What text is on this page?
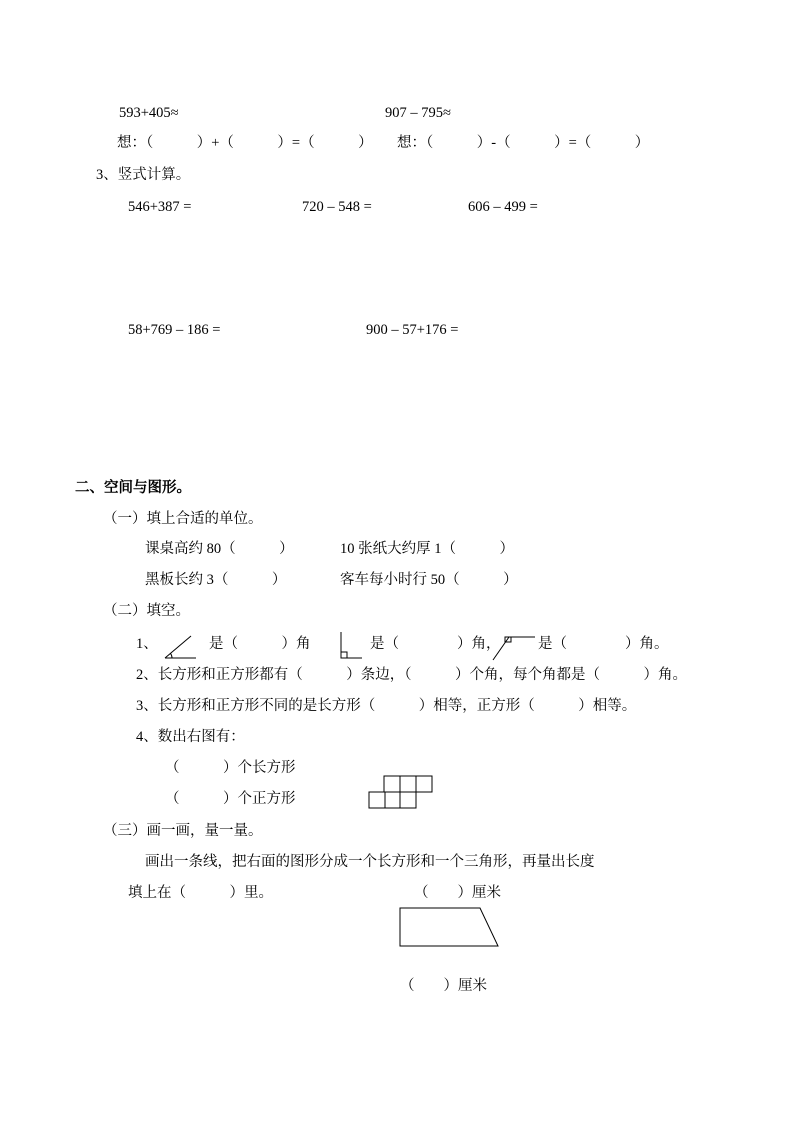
593+405≈	907 – 795≈
想：（　　　）+（　　　）=（　　　） 想：（　　　）-（　　　）=（　　　）
3、竖式计算。
546+387 =	720 – 548 =	606 – 499 =
58+769 – 186 =	900 – 57+176 =
二、空间与图形。
（一）填上合适的单位。
课桌高约 80（　　　）	10 张纸大约厚 1（　　　）
黑板长约 3（　　　）	客车每小时行 50（　　　）
（二）填空。
1、	是（　　　）角	是（　　　　）角，	是（　　　　）角。
2、长方形和正方形都有（　　　）条边，（　　　）个角，每个角都是（　　　）角。
3、长方形和正方形不同的是长方形（　　　）相等，正方形（　　　）相等。
4、数出右图有：
（　　　）个长方形
（　　　）个正方形
（三）画一画，量一量。
画出一条线，把右面的图形分成一个长方形和一个三角形，再量出长度
填上在（　　　）里。	（　　）厘米
（　　）厘米
